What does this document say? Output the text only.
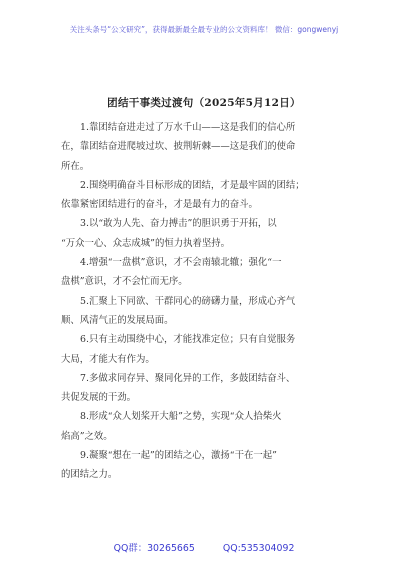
关注头条号“公文研究”，获得最新最全最专业的公文资料库！ 微信：gongwenyj
团结干事类过渡句（2025年5月12日）

1.靠团结奋进走过了万水千山——这是我们的信心所
在，靠团结奋进爬坡过坎、披荆斩棘——这是我们的使命
所在。

2.围绕明确奋斗目标形成的团结，才是最牢固的团结；
依靠紧密团结进行的奋斗，才是最有力的奋斗。

3.以“敢为人先、奋力搏击”的胆识勇于开拓，以
“万众一心、众志成城”的恒力执着坚持。

4.增强“一盘棋”意识，才不会南辕北辙；强化“一
盘棋”意识，才不会忙而无序。

5.汇聚上下同欲、干群同心的磅礴力量，形成心齐气
顺、风清气正的发展局面。

6.只有主动围绕中心，才能找准定位；只有自觉服务
大局，才能大有作为。

7.多做求同存异、聚同化异的工作，多鼓团结奋斗、
共促发展的干劲。

8.形成“众人划桨开大船”之势，实现“众人拾柴火
焰高”之效。

9.凝聚“想在一起”的团结之心，激扬“干在一起”
的团结之力。

QQ群：30265665	QQ:535304092
